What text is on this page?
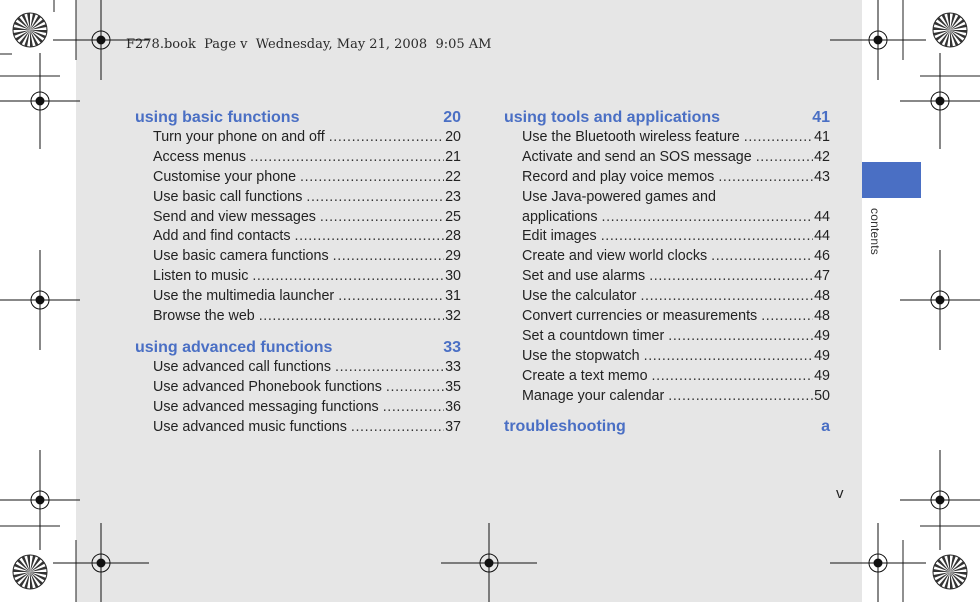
contents
F278.book  Page v  Wednesday, May 21, 2008  9:05 AM
using basic functions	20
Turn your phone on and off .....	20
Access menus .....	21
Customise your phone .....	22
Use basic call functions .....	23
Send and view messages .....	25
Add and find contacts .....	28
Use basic camera functions .....	29
Listen to music .....	30
Use the multimedia launcher .....	31
Browse the web .....	32
using advanced functions	33
Use advanced call functions .....	33
Use advanced Phonebook functions .....	35
Use advanced messaging functions .....	36
Use advanced music functions .....	37
using tools and applications	41
Use the Bluetooth wireless feature .....	41
Activate and send an SOS message .....	42
Record and play voice memos .....	43
Use Java-powered games and
applications .....	44
Edit images .....	44
Create and view world clocks .....	46
Set and use alarms .....	47
Use the calculator .....	48
Convert currencies or measurements .....	48
Set a countdown timer .....	49
Use the stopwatch .....	49
Create a text memo .....	49
Manage your calendar .....	50
troubleshooting	a
v
